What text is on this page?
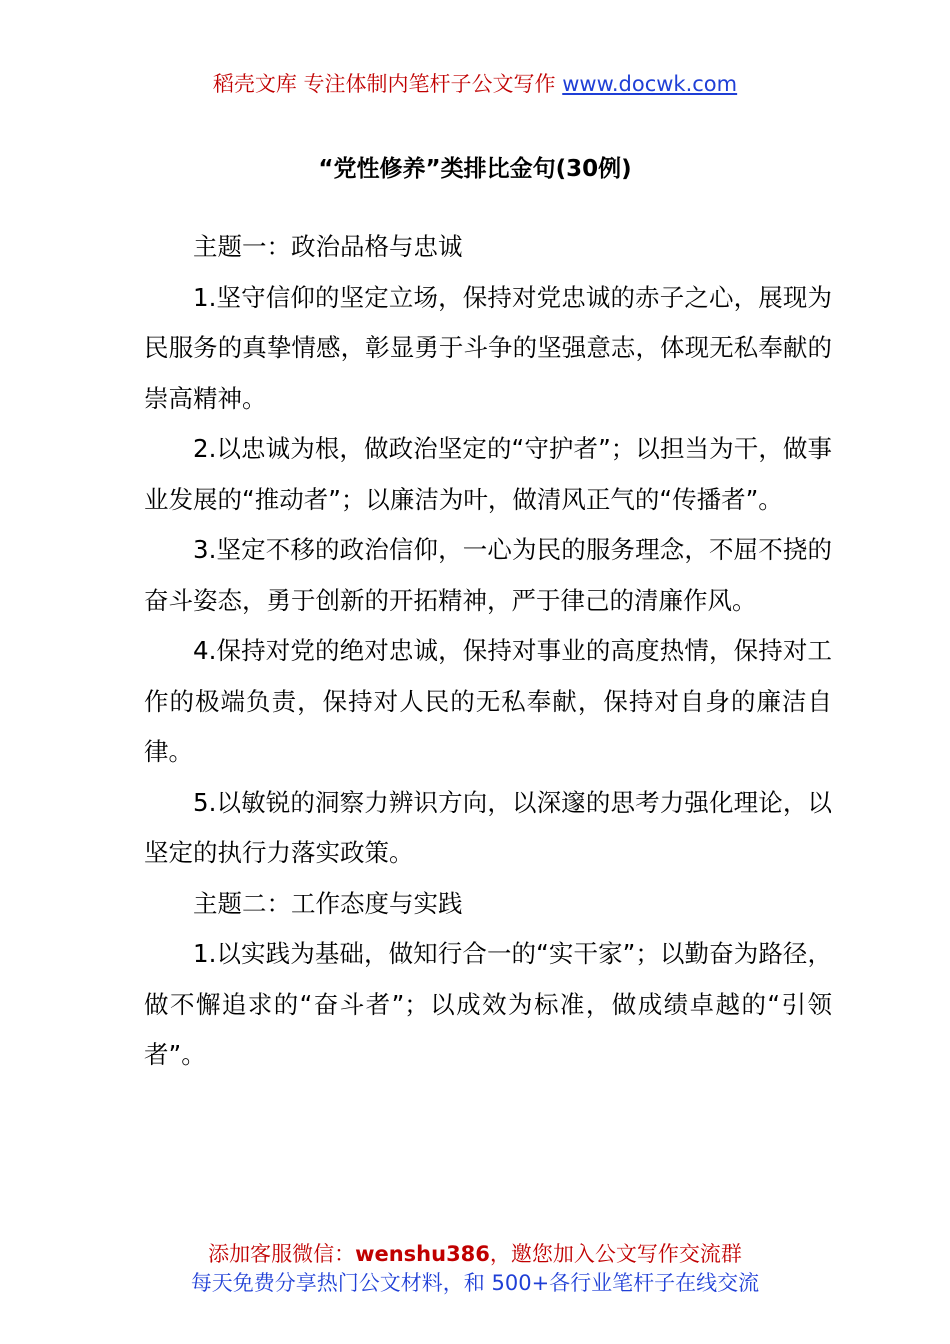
稻壳文库 专注体制内笔杆子公文写作 www.docwk.com
“党性修养”类排比金句(30例)

主题一：政治品格与忠诚

1.坚守信仰的坚定立场，保持对党忠诚的赤子之心，展现为民服务的真挚情感，彰显勇于斗争的坚强意志，体现无私奉献的崇高精神。

2.以忠诚为根，做政治坚定的“守护者”；以担当为干，做事业发展的“推动者”；以廉洁为叶，做清风正气的“传播者”。

3.坚定不移的政治信仰，一心为民的服务理念，不屈不挠的奋斗姿态，勇于创新的开拓精神，严于律己的清廉作风。

4.保持对党的绝对忠诚，保持对事业的高度热情，保持对工作的极端负责，保持对人民的无私奉献，保持对自身的廉洁自律。

5.以敏锐的洞察力辨识方向，以深邃的思考力强化理论，以坚定的执行力落实政策。

主题二：工作态度与实践

1.以实践为基础，做知行合一的“实干家”；以勤奋为路径，做不懈追求的“奋斗者”；以成效为标准，做成绩卓越的“引领者”。

添加客服微信：wenshu386，邀您加入公文写作交流群
每天免费分享热门公文材料，和 500+各行业笔杆子在线交流
